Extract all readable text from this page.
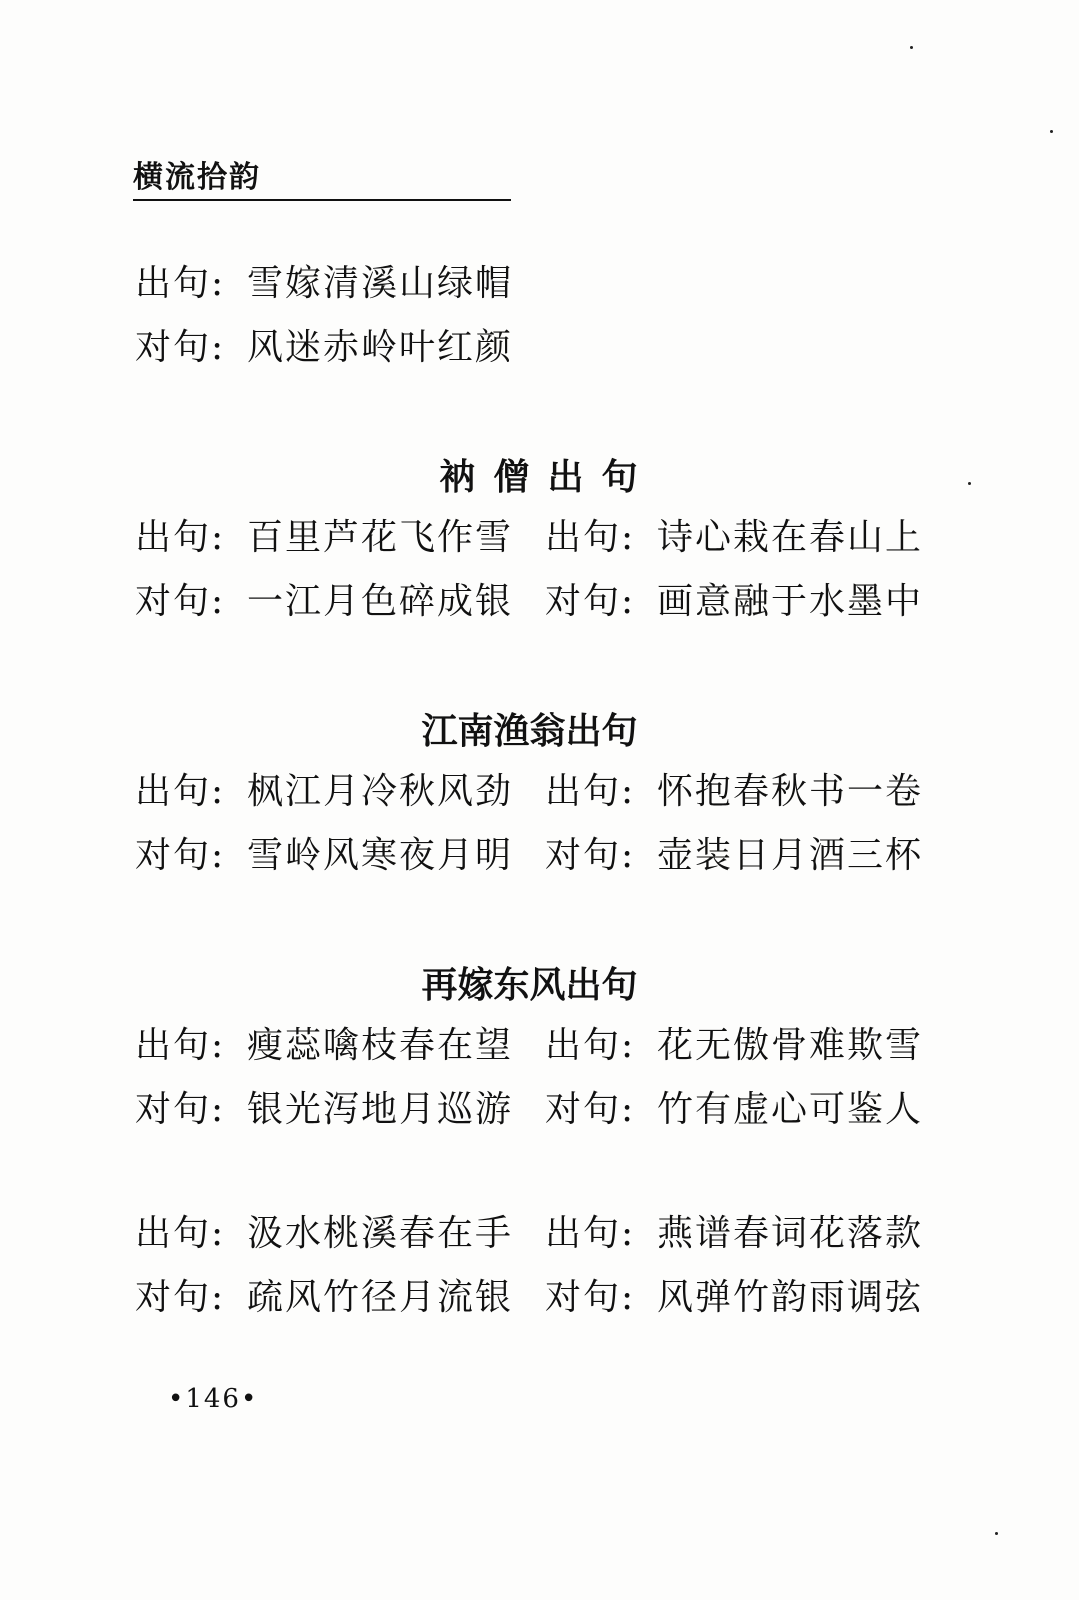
横流拾韵
出句: 雪嫁清溪山绿帽
对句: 风迷赤岭叶红颜
衲僧出句
出句: 百里芦花飞作雪
对句: 一江月色碎成银
出句: 诗心栽在春山上
对句: 画意融于水墨中
江南渔翁出句
出句: 枫江月冷秋风劲
对句: 雪岭风寒夜月明
出句: 怀抱春秋书一卷
对句: 壶装日月酒三杯
再嫁东风出句
出句: 瘦蕊噙枝春在望
对句: 银光泻地月巡游
出句: 花无傲骨难欺雪
对句: 竹有虚心可鉴人
出句: 汲水桃溪春在手
对句: 疏风竹径月流银
出句: 燕谱春词花落款
对句: 风弹竹韵雨调弦
•146•
